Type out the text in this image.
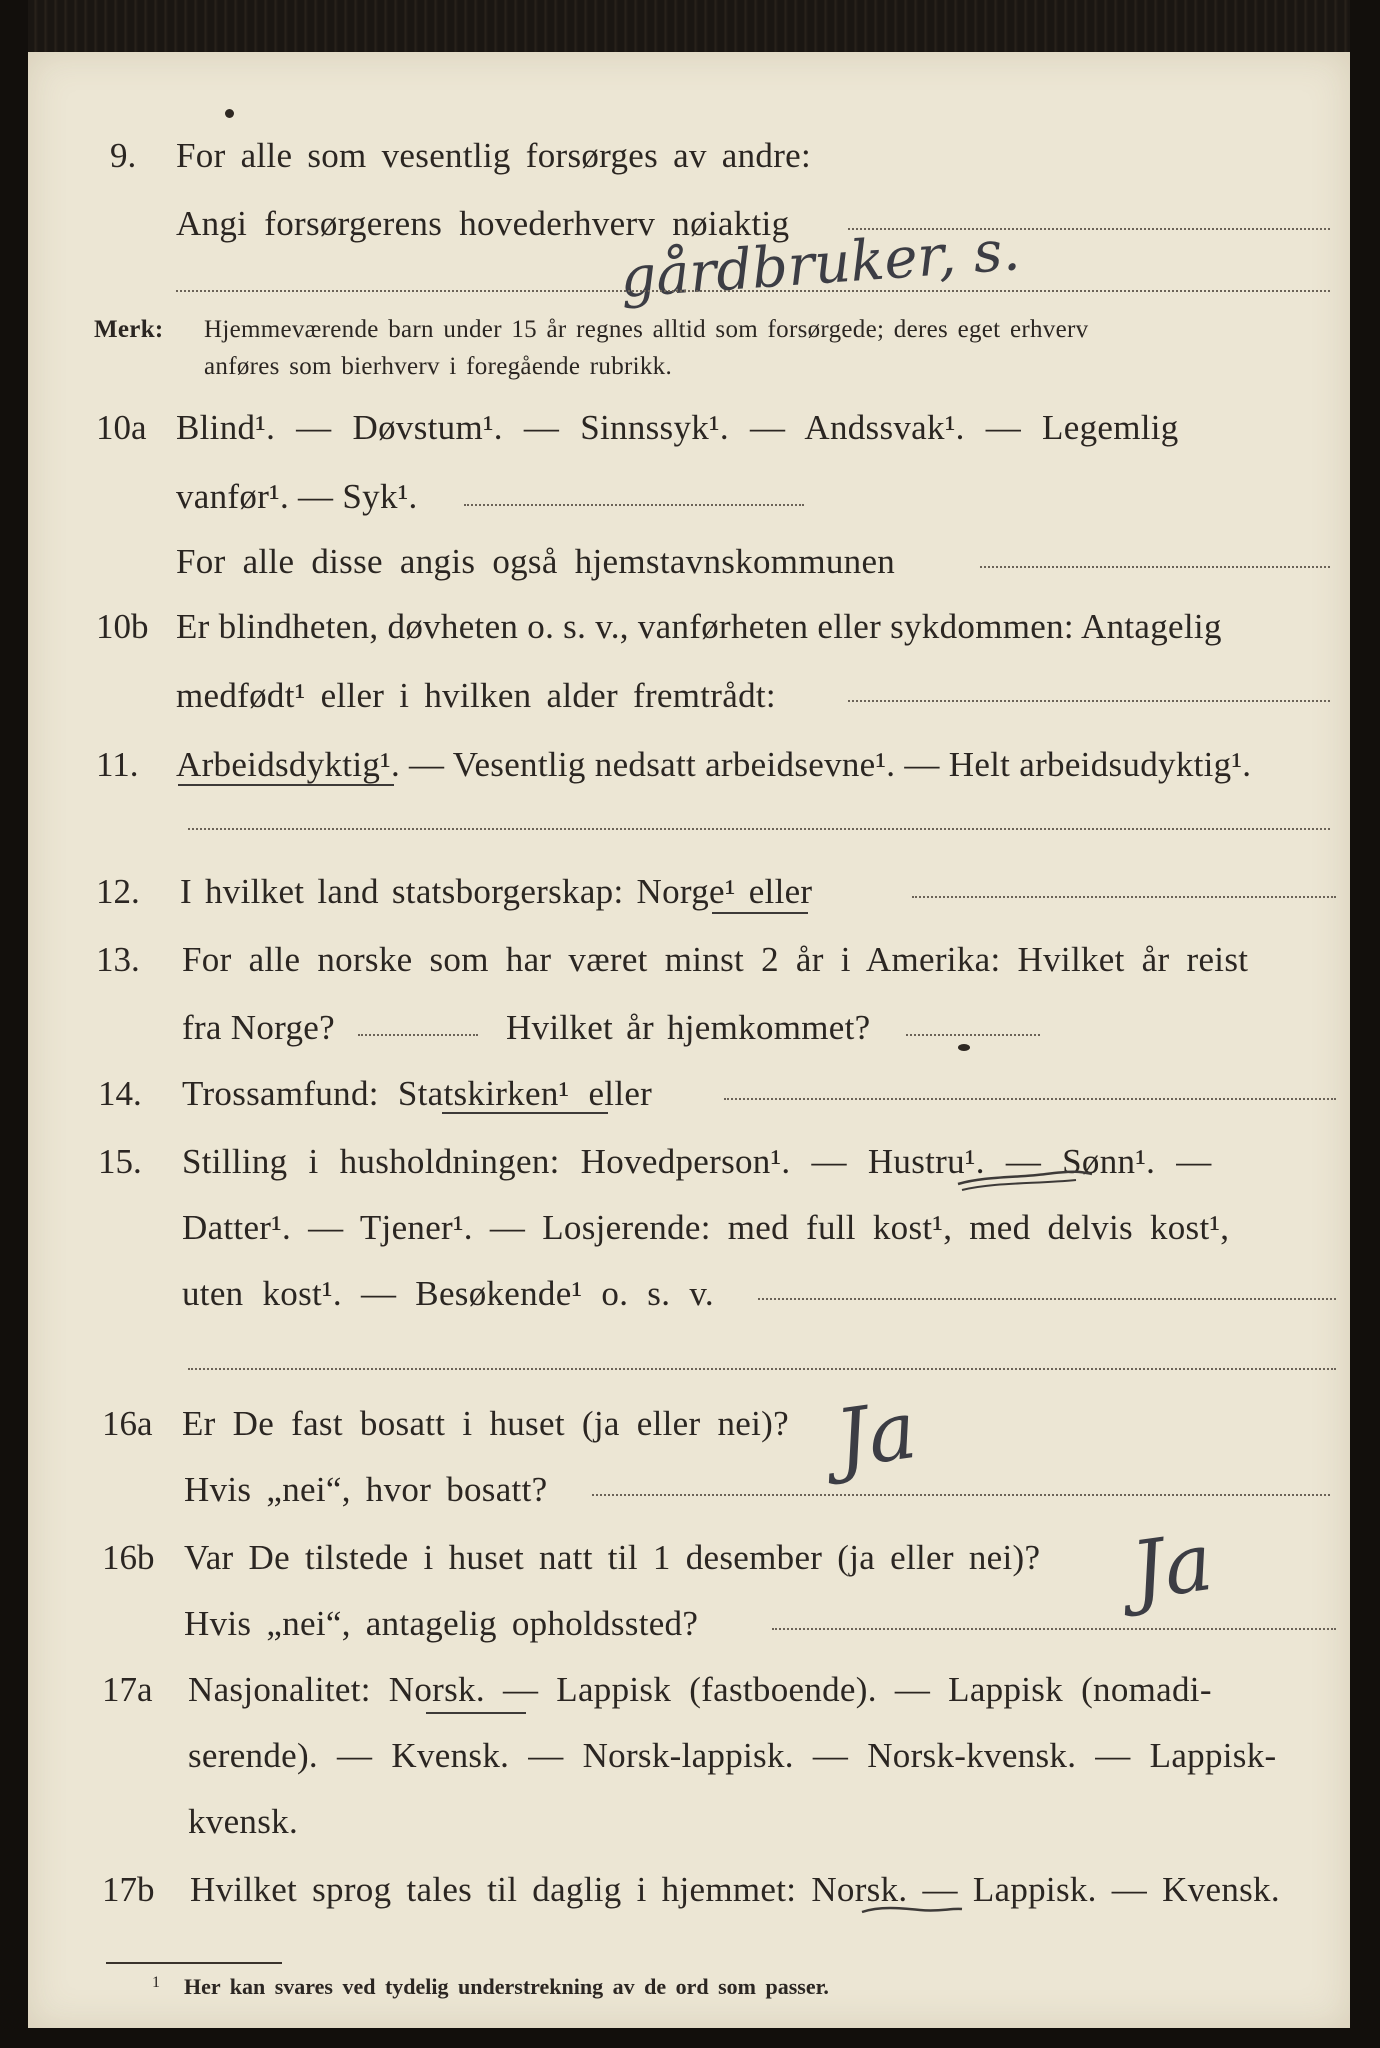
9. For alle som vesentlig forsørges av andre:
Angi forsørgerens hovederhverv nøiaktig
gårdbruker, s.
Merk: Hjemmeværende barn under 15 år regnes alltid som forsørgede; deres eget erhverv
anføres som bierhverv i foregående rubrikk.
10a Blind¹. — Døvstum¹. — Sinnssyk¹. — Andssvak¹. — Legemlig
vanfør¹. — Syk¹.
For alle disse angis også hjemstavnskommunen
10b Er blindheten, døvheten o. s. v., vanførheten eller sykdommen: Antagelig
medfødt¹ eller i hvilken alder fremtrådt:
11. Arbeidsdyktig¹. — Vesentlig nedsatt arbeidsevne¹. — Helt arbeidsudyktig¹.
12. I hvilket land statsborgerskap: Norge¹ eller
13. For alle norske som har været minst 2 år i Amerika: Hvilket år reist
fra Norge?	Hvilket år hjemkommet?
14. Trossamfund: Statskirken¹ eller
15. Stilling i husholdningen: Hovedperson¹. — Hustru¹. — Sønn¹. —
Datter¹. — Tjener¹. — Losjerende: med full kost¹, med delvis kost¹,
uten kost¹. — Besøkende¹ o. s. v.
16a Er De fast bosatt i huset (ja eller nei)? Ja
Hvis „nei“, hvor bosatt?
16b Var De tilstede i huset natt til 1 desember (ja eller nei)? Ja
Hvis „nei“, antagelig opholdssted?
17a Nasjonalitet: Norsk. — Lappisk (fastboende). — Lappisk (nomadi-
serende). — Kvensk. — Norsk-lappisk. — Norsk-kvensk. — Lappisk-
kvensk.
17b Hvilket sprog tales til daglig i hjemmet: Norsk. — Lappisk. — Kvensk.
1 Her kan svares ved tydelig understrekning av de ord som passer.
